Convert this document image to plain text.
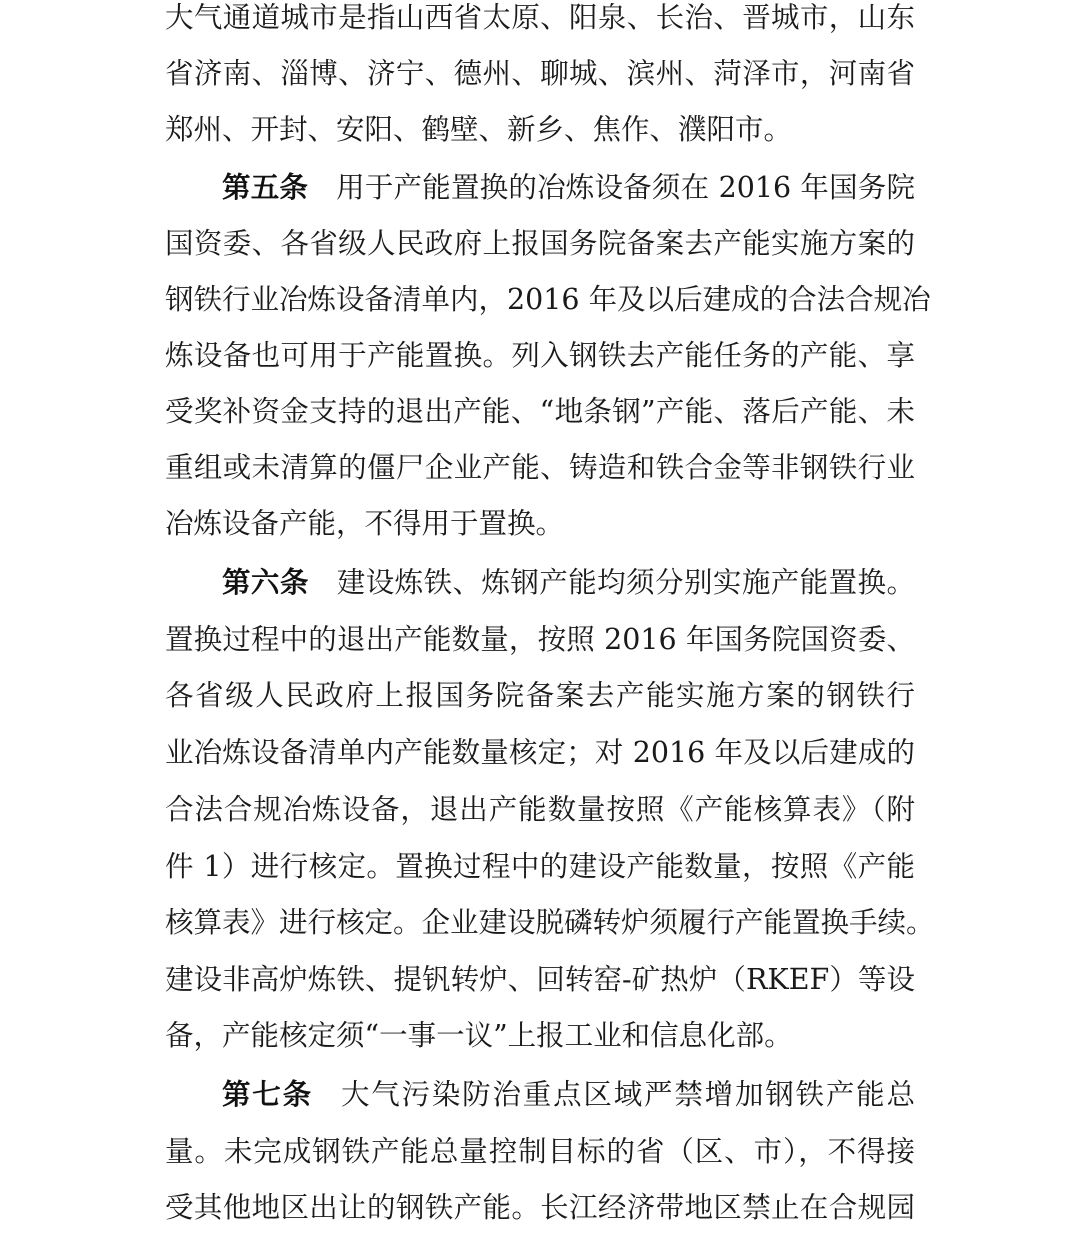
大气通道城市是指山西省太原、阳泉、长治、晋城市，山东
省济南、淄博、济宁、德州、聊城、滨州、菏泽市，河南省
郑州、开封、安阳、鹤壁、新乡、焦作、濮阳市。
第五条 用于产能置换的冶炼设备须在 2016 年国务院
国资委、各省级人民政府上报国务院备案去产能实施方案的
钢铁行业冶炼设备清单内，2016 年及以后建成的合法合规冶
炼设备也可用于产能置换。列入钢铁去产能任务的产能、享
受奖补资金支持的退出产能、“地条钢”产能、落后产能、未
重组或未清算的僵尸企业产能、铸造和铁合金等非钢铁行业
冶炼设备产能，不得用于置换。
第六条 建设炼铁、炼钢产能均须分别实施产能置换。
置换过程中的退出产能数量，按照 2016 年国务院国资委、
各省级人民政府上报国务院备案去产能实施方案的钢铁行
业冶炼设备清单内产能数量核定；对 2016 年及以后建成的
合法合规冶炼设备，退出产能数量按照《产能核算表》（附
件 1）进行核定。置换过程中的建设产能数量，按照《产能
核算表》进行核定。企业建设脱磷转炉须履行产能置换手续。
建设非高炉炼铁、提钒转炉、回转窑-矿热炉（RKEF）等设
备，产能核定须“一事一议”上报工业和信息化部。
第七条 大气污染防治重点区域严禁增加钢铁产能总
量。未完成钢铁产能总量控制目标的省（区、市），不得接
受其他地区出让的钢铁产能。长江经济带地区禁止在合规园
